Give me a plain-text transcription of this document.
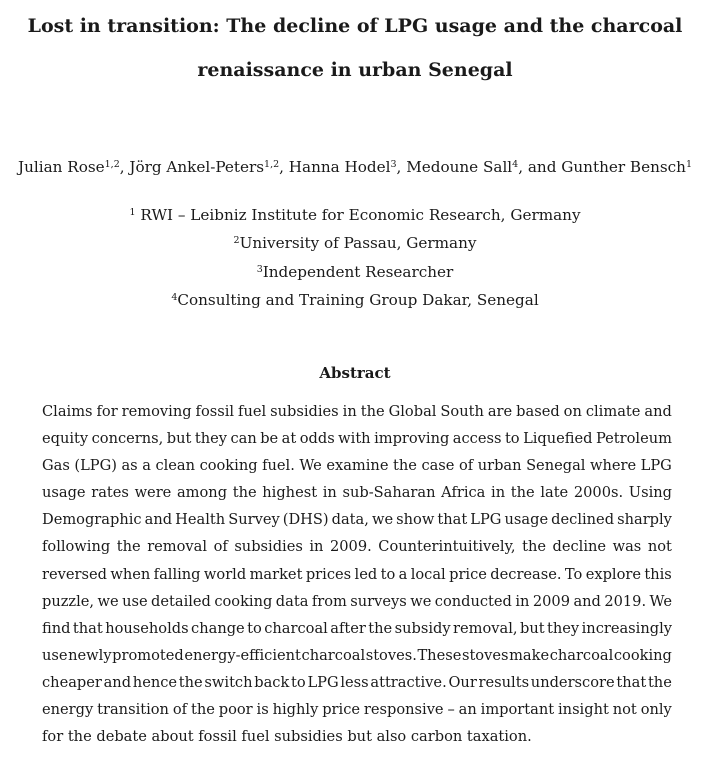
Lost in transition: The decline of LPG usage and the charcoal
renaissance in urban Senegal
Julian Rose$^{1,2}$, Jörg Ankel-Peters$^{1,2}$, Hanna Hodel$^3$, Medoune Sall$^4$, and Gunther Bensch$^1$
$^1$ RWI – Leibniz Institute for Economic Research, Germany
$^2$University of Passau, Germany
$^3$Independent Researcher
$^4$Consulting and Training Group Dakar, Senegal
Abstract
Claims for removing fossil fuel subsidies in the Global South are based on climate and
equity concerns, but they can be at odds with improving access to Liquefied Petroleum
Gas (LPG) as a clean cooking fuel. We examine the case of urban Senegal where LPG
usage rates were among the highest in sub-Saharan Africa in the late 2000s. Using
Demographic and Health Survey (DHS) data, we show that LPG usage declined sharply
following the removal of subsidies in 2009. Counterintuitively, the decline was not
reversed when falling world market prices led to a local price decrease. To explore this
puzzle, we use detailed cooking data from surveys we conducted in 2009 and 2019. We
find that households change to charcoal after the subsidy removal, but they increasingly
use newly promoted energy-efficient charcoal stoves. These stoves make charcoal cooking
cheaper and hence the switch back to LPG less attractive. Our results underscore that the
energy transition of the poor is highly price responsive – an important insight not only
for the debate about fossil fuel subsidies but also carbon taxation.
